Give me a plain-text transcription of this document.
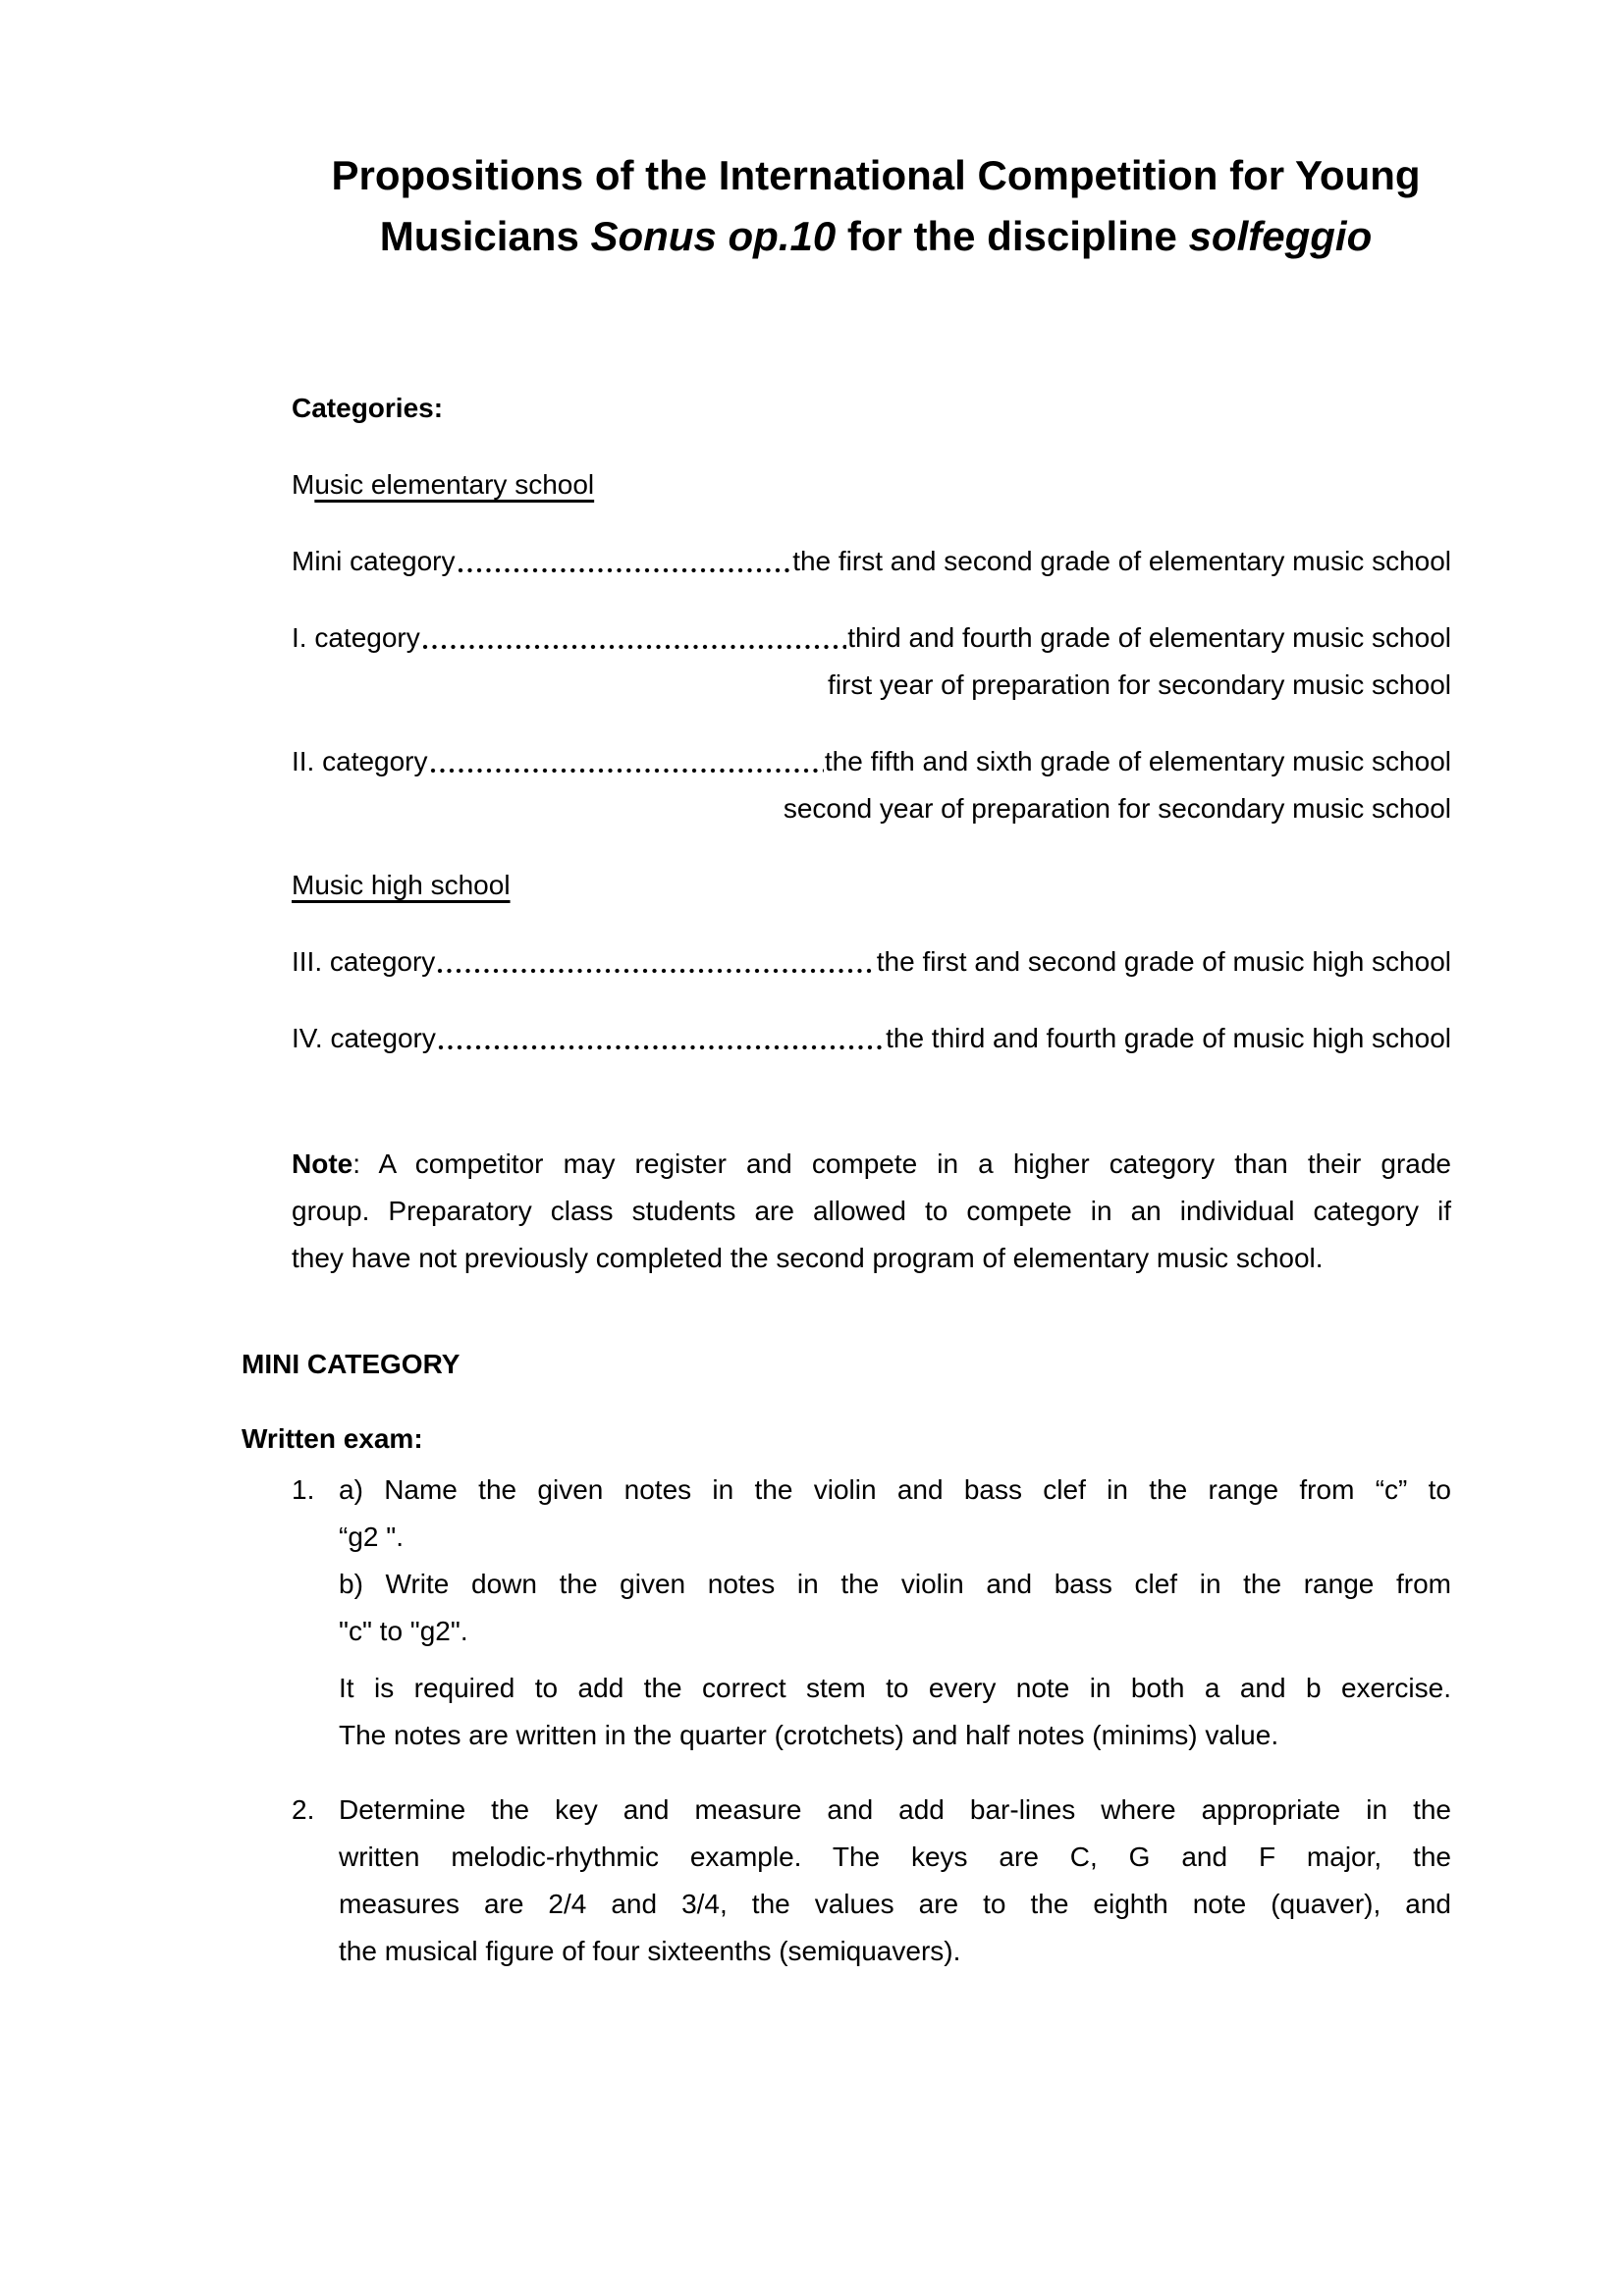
Propositions of the International Competition for Young Musicians Sonus op.10 for the discipline solfeggio
Categories:
Music elementary school
Mini category	the first and second grade of elementary music school
I. category	third and fourth grade of elementary music school
first year of preparation for secondary music school
II. category	the fifth and sixth grade of elementary music school
second year of preparation for secondary music school
Music high school
III. category	the first and second grade of music high school
IV. category	the third and fourth grade of music high school
Note: A competitor may register and compete in a higher category than their grade
group. Preparatory class students are allowed to compete in an individual category if
they have not previously completed the second program of elementary music school.
MINI CATEGORY
Written exam:
1. a) Name the given notes in the violin and bass clef in the range from “c” to
“g2 ".
b) Write down the given notes in the violin and bass clef in the range from
"c" to "g2".
It is required to add the correct stem to every note in both a and b exercise.
The notes are written in the quarter (crotchets) and half notes (minims) value.
2. Determine the key and measure and add bar-lines where appropriate in the
written melodic-rhythmic example. The keys are C, G and F major, the
measures are 2/4 and 3/4, the values are to the eighth note (quaver), and
the musical figure of four sixteenths (semiquavers).
